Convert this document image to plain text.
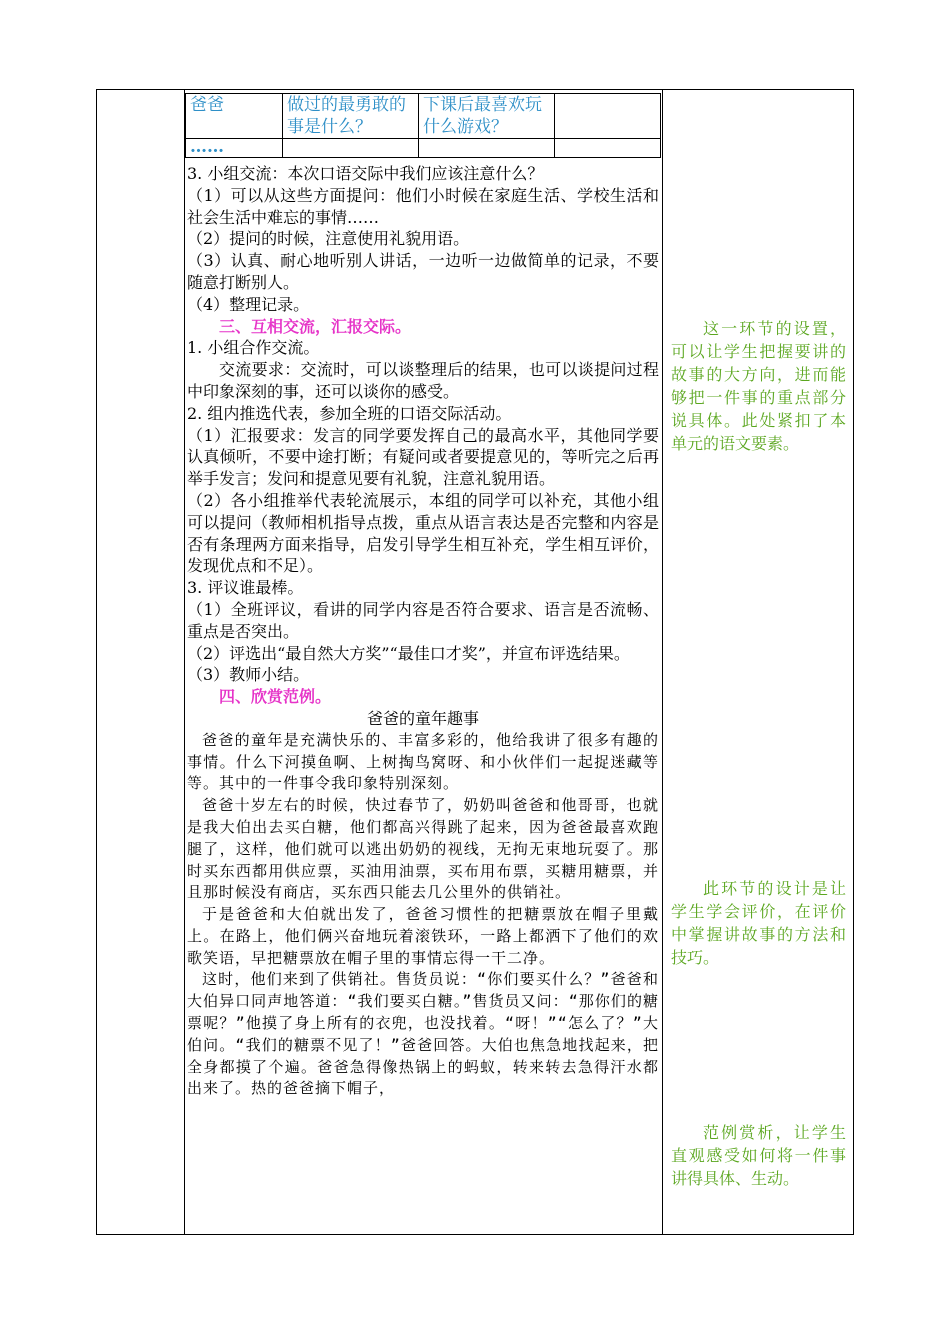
爸爸	做过的最勇敢的事是什么？	下课后最喜欢玩什么游戏？	
……			

3. 小组交流：本次口语交际中我们应该注意什么？

（1）可以从这些方面提问：他们小时候在家庭生活、学校生活和社会生活中难忘的事情……

（2）提问的时候，注意使用礼貌用语。

（3）认真、耐心地听别人讲话，一边听一边做简单的记录，不要随意打断别人。

（4）整理记录。

三、互相交流，汇报交际。

1. 小组合作交流。

交流要求：交流时，可以谈整理后的结果，也可以谈提问过程中印象深刻的事，还可以谈你的感受。

2. 组内推选代表，参加全班的口语交际活动。

（1）汇报要求：发言的同学要发挥自己的最高水平，其他同学要认真倾听，不要中途打断；有疑问或者要提意见的，等听完之后再举手发言；发问和提意见要有礼貌，注意礼貌用语。

（2）各小组推举代表轮流展示，本组的同学可以补充，其他小组可以提问（教师相机指导点拨，重点从语言表达是否完整和内容是否有条理两方面来指导，启发引导学生相互补充，学生相互评价，发现优点和不足）。

3. 评议谁最棒。

（1）全班评议，看讲的同学内容是否符合要求、语言是否流畅、重点是否突出。

（2）评选出“最自然大方奖”“最佳口才奖”，并宣布评选结果。

（3）教师小结。

四、欣赏范例。

爸爸的童年趣事

爸爸的童年是充满快乐的、丰富多彩的，他给我讲了很多有趣的事情。什么下河摸鱼啊、上树掏鸟窝呀、和小伙伴们一起捉迷藏等等。其中的一件事令我印象特别深刻。

爸爸十岁左右的时候，快过春节了，奶奶叫爸爸和他哥哥，也就是我大伯出去买白糖，他们都高兴得跳了起来，因为爸爸最喜欢跑腿了，这样，他们就可以逃出奶奶的视线，无拘无束地玩耍了。那时买东西都用供应票，买油用油票，买布用布票，买糖用糖票，并且那时候没有商店，买东西只能去几公里外的供销社。

于是爸爸和大伯就出发了，爸爸习惯性的把糖票放在帽子里戴上。在路上，他们俩兴奋地玩着滚铁环，一路上都洒下了他们的欢歌笑语，早把糖票放在帽子里的事情忘得一干二净。

这时，他们来到了供销社。售货员说：“你们要买什么？”爸爸和大伯异口同声地答道：“我们要买白糖。”售货员又问：“那你们的糖票呢？”他摸了身上所有的衣兜，也没找着。“呀！”“怎么了？”大伯问。“我们的糖票不见了！”爸爸回答。大伯也焦急地找起来，把全身都摸了个遍。爸爸急得像热锅上的蚂蚁，转来转去急得汗水都出来了。热的爸爸摘下帽子，

这一环节的设置，可以让学生把握要讲的故事的大方向，进而能够把一件事的重点部分说具体。此处紧扣了本单元的语文要素。
此环节的设计是让学生学会评价，在评价中掌握讲故事的方法和技巧。
范例赏析，让学生直观感受如何将一件事讲得具体、生动。
